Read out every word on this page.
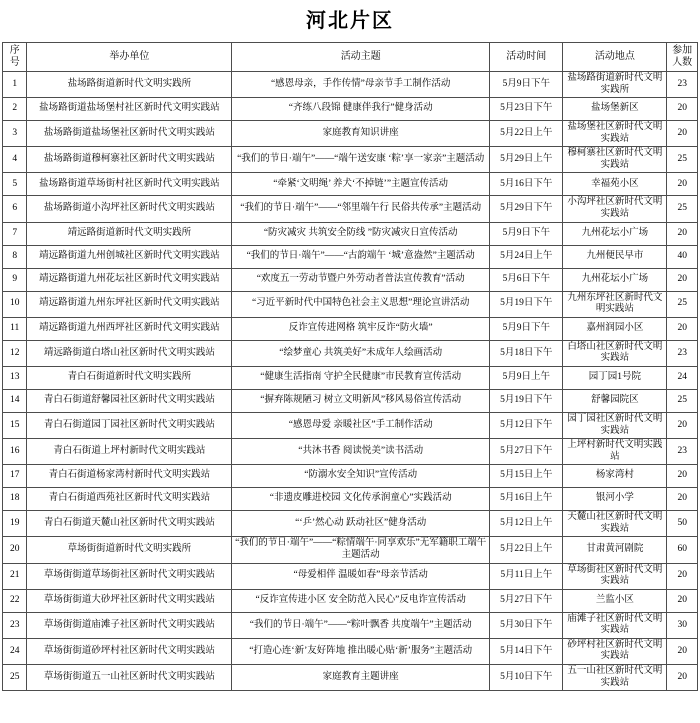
河北片区
序号	举办单位	活动主题	活动时间	活动地点	参加人数
1	盐场路街道新时代文明实践所	“感恩母亲，手作传情”母亲节手工制作活动	5月9日下午	盐场路街道新时代文明实践所	23
2	盐场路街道盐场堡村社区新时代文明实践站	“齐练八段锦 健康伴我行”健身活动	5月23日下午	盐场堡新区	20
3	盐场路街道盐场堡社区新时代文明实践站	家庭教育知识讲座	5月22日上午	盐场堡社区新时代文明实践站	20
4	盐场路街道穆柯寨社区新时代文明实践站	“我们的节日·端午”——“端午送安康 ‘粽’享一家亲”主题活动	5月29日上午	穆柯寨社区新时代文明实践站	25
5	盐场路街道草场街村社区新时代文明实践站	“牵紧‘文明绳’ 养犬‘不掉链’”主题宣传活动	5月16日下午	幸福苑小区	20
6	盐场路街道小沟坪社区新时代文明实践站	“我们的节日·端午”——“邻里端午行 民俗共传承”主题活动	5月29日下午	小沟坪社区新时代文明实践站	25
7	靖远路街道新时代文明实践所	“防灾减灾 共筑安全防线 ”防灾减灾日宣传活动	5月9日下午	九州花坛小广场	20
8	靖远路街道九州创城社区新时代文明实践站	“我们的节日·端午”——“古韵端午 ‘城’意盎然”主题活动	5月24日上午	九州便民早市	40
9	靖远路街道九州花坛社区新时代文明实践站	“欢度五一劳动节暨户外劳动者普法宣传教育”活动	5月6日下午	九州花坛小广场	20
10	靖远路街道九州东坪社区新时代文明实践站	“习近平新时代中国特色社会主义思想”理论宣讲活动	5月19日下午	九州东坪社区新时代文明实践站	25
11	靖远路街道九州西坪社区新时代文明实践站	反诈宣传进网格 筑牢反诈“防火墙”	5月9日下午	嘉州润园小区	20
12	靖远路街道白塔山社区新时代文明实践站	“绘梦童心 共筑美好”未成年人绘画活动	5月18日下午	白塔山社区新时代文明实践站	23
13	青白石街道新时代文明实践所	“健康生活指南 守护全民健康”市民教育宣传活动	5月9日上午	园丁园1号院	24
14	青白石街道舒馨园社区新时代文明实践站	“摒弃陈规陋习 树立文明新风”移风易俗宣传活动	5月19日下午	舒馨园院区	25
15	青白石街道园丁园社区新时代文明实践站	“感恩母爱 亲暖社区”手工制作活动	5月12日下午	园丁园社区新时代文明实践站	20
16	青白石街道上坪村新时代文明实践站	“共沐书香 阅读悦美”读书活动	5月27日下午	上坪村新时代文明实践站	23
17	青白石街道杨家湾村新时代文明实践站	“防溺水安全知识”宣传活动	5月15日上午	杨家湾村	20
18	青白石街道西苑社区新时代文明实践站	“非遗皮雕进校园 文化传承润童心”实践活动	5月16日上午	银河小学	20
19	青白石街道天麓山社区新时代文明实践站	“‘乒’然心动 跃动社区”健身活动	5月12日上午	天麓山社区新时代文明实践站	50
20	草场街街道新时代文明实践所	“我们的节日·端午”——“粽情端午·同享欢乐”无军籍职工端午主题活动	5月22日上午	甘肃黄河剧院	60
21	草场街街道草场街社区新时代文明实践站	“母爱相伴 温暖如春”母亲节活动	5月11日上午	草场街社区新时代文明实践站	20
22	草场街街道大砂坪社区新时代文明实践站	“反诈宣传进小区 安全防范入民心”反电诈宣传活动	5月27日下午	兰监小区	20
23	草场街街道庙滩子社区新时代文明实践站	“我们的节日·端午”——“粽叶飘香 共度端午”主题活动	5月30日下午	庙滩子社区新时代文明实践站	30
24	草场街街道砂坪村社区新时代文明实践站	“打造心连‘新’友好阵地 推出暖心贴‘新’服务”主题活动	5月14日下午	砂坪村社区新时代文明实践站	20
25	草场街街道五一山社区新时代文明实践站	家庭教育主题讲座	5月10日下午	五一山社区新时代文明实践站	20
